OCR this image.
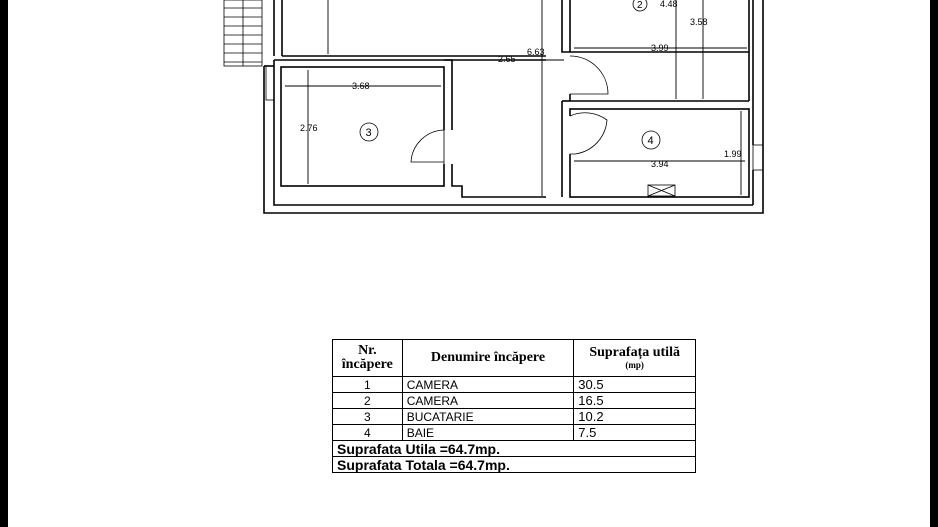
3.68
2.76	3
2.65
6.63	3.99
3.58
2 4.48
3.94
1.99
4
Nr.
încăpere	Denumire încăpere	Suprafața utilă
(mp)

1	CAMERA	30.5
2	CAMERA	16.5
3	BUCATARIE	10.2
4	BAIE	7.5
Suprafata Utila =64.7mp.		
Suprafata Totala =64.7mp.		
